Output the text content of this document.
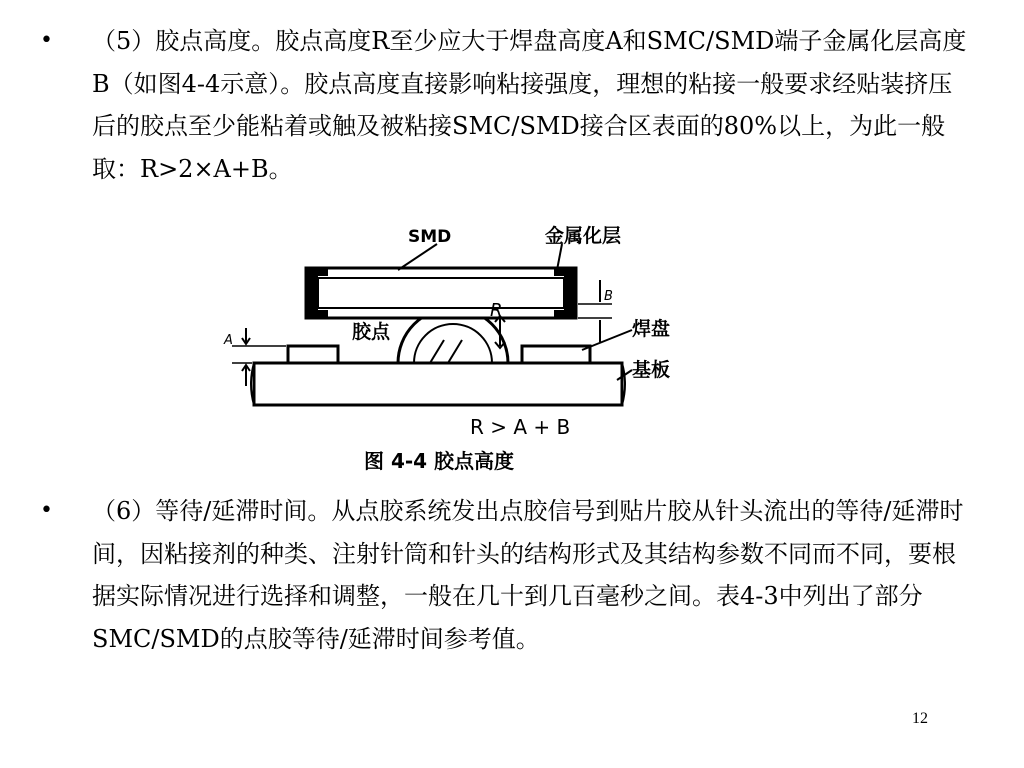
• （5）胶点高度。胶点高度R至少应大于焊盘高度A和SMC/SMD端子金属化层高度B（如图4-4示意）。胶点高度直接影响粘接强度，理想的粘接一般要求经贴装挤压后的胶点至少能粘着或触及被粘接SMC/SMD接合区表面的80%以上，为此一般取：R>2×A+B。

SMD	金属化层
胶点	焊盘
基板
R
A
B
R > A + B
图 4-4 胶点高度
• （6）等待/延滞时间。从点胶系统发出点胶信号到贴片胶从针头流出的等待/延滞时间，因粘接剂的种类、注射针筒和针头的结构形式及其结构参数不同而不同，要根据实际情况进行选择和调整，一般在几十到几百毫秒之间。表4-3中列出了部分SMC/SMD的点胶等待/延滞时间参考值。

12
